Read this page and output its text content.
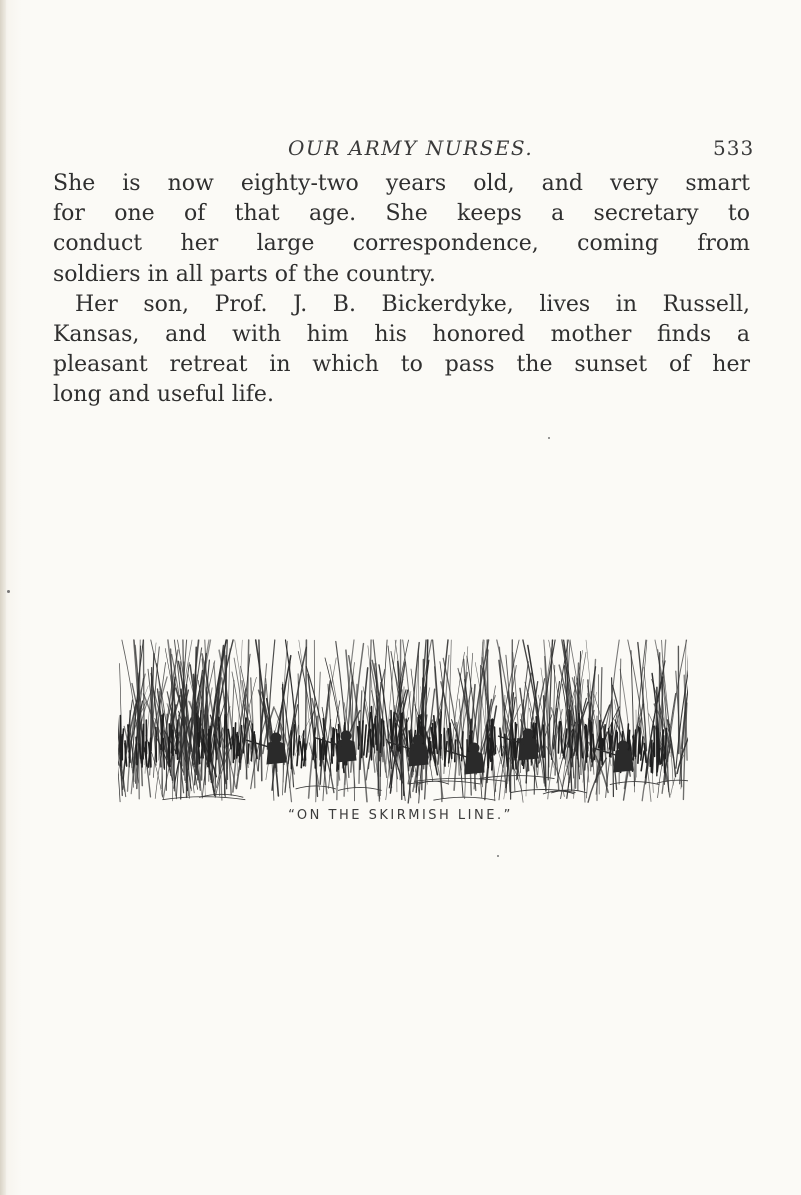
OUR ARMY NURSES.	533
She is now eighty-two years old, and very smart
for one of that age. She keeps a secretary to
conduct her large correspondence, coming from
soldiers in all parts of the country.
Her son, Prof. J. B. Bickerdyke, lives in Russell,
Kansas, and with him his honored mother finds a
pleasant retreat in which to pass the sunset of her
long and useful life.
“ON THE SKIRMISH LINE.”
